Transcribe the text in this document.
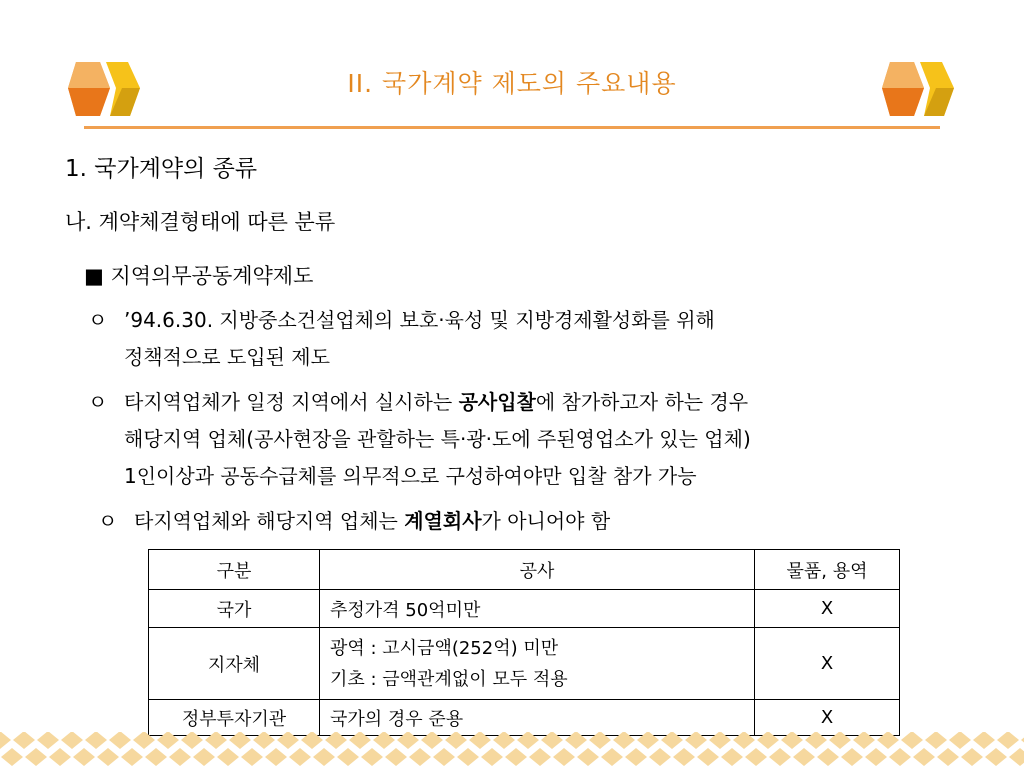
II. 국가계약 제도의 주요내용
1. 국가계약의 종류
나. 계약체결형태에 따른 분류
■ 지역의무공동계약제도
ㅇ ’94.6.30. 지방중소건설업체의 보호·육성 및 지방경제활성화를 위해
정책적으로 도입된 제도
ㅇ 타지역업체가 일정 지역에서 실시하는 공사입찰에 참가하고자 하는 경우
해당지역 업체(공사현장을 관할하는 특·광·도에 주된영업소가 있는 업체)
1인이상과 공동수급체를 의무적으로 구성하여야만 입찰 참가 가능
ㅇ 타지역업체와 해당지역 업체는 계열회사가 아니어야 함
구분	공사	물품, 용역
국가	추정가격 50억미만	X
지자체	광역 : 고시금액(252억) 미만
기초 : 금액관계없이 모두 적용	X
정부투자기관	국가의 경우 준용	X
